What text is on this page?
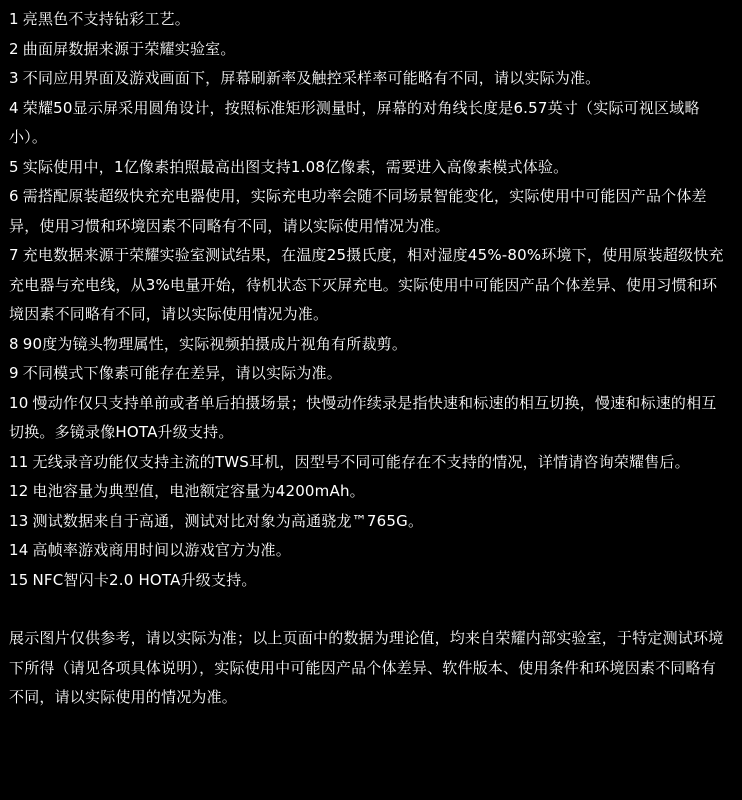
1 亮黑色不支持钻彩工艺。
2 曲面屏数据来源于荣耀实验室。
3 不同应用界面及游戏画面下，屏幕刷新率及触控采样率可能略有不同，请以实际为准。
4 荣耀50显示屏采用圆角设计，按照标准矩形测量时，屏幕的对角线长度是6.57英寸（实际可视区域略小）。
5 实际使用中，1亿像素拍照最高出图支持1.08亿像素，需要进入高像素模式体验。
6 需搭配原装超级快充充电器使用，实际充电功率会随不同场景智能变化，实际使用中可能因产品个体差异，使用习惯和环境因素不同略有不同，请以实际使用情况为准。
7 充电数据来源于荣耀实验室测试结果，在温度25摄氏度，相对湿度45%-80%环境下，使用原装超级快充充电器与充电线，从3%电量开始，待机状态下灭屏充电。实际使用中可能因产品个体差异、使用习惯和环境因素不同略有不同，请以实际使用情况为准。
8 90度为镜头物理属性，实际视频拍摄成片视角有所裁剪。
9 不同模式下像素可能存在差异，请以实际为准。
10 慢动作仅只支持单前或者单后拍摄场景；快慢动作续录是指快速和标速的相互切换，慢速和标速的相互切换。多镜录像HOTA升级支持。
11 无线录音功能仅支持主流的TWS耳机，因型号不同可能存在不支持的情况，详情请咨询荣耀售后。
12 电池容量为典型值，电池额定容量为4200mAh。
13 测试数据来自于高通，测试对比对象为高通骁龙™765G。
14 高帧率游戏商用时间以游戏官方为准。
15 NFC智闪卡2.0 HOTA升级支持。

展示图片仅供参考，请以实际为准；以上页面中的数据为理论值，均来自荣耀内部实验室，于特定测试环境下所得（请见各项具体说明），实际使用中可能因产品个体差异、软件版本、使用条件和环境因素不同略有不同，请以实际使用的情况为准。
